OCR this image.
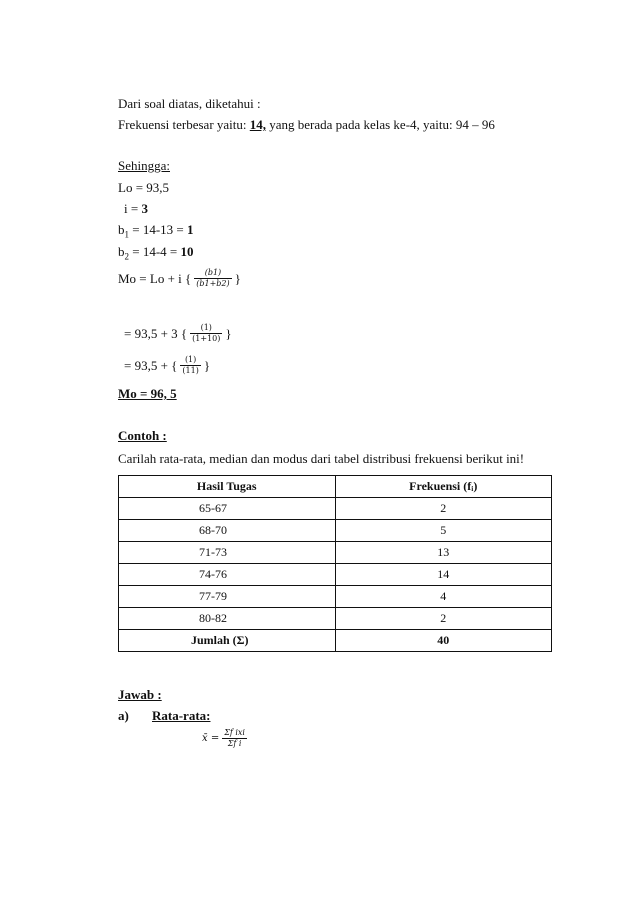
Dari soal diatas, diketahui :
Frekuensi terbesar yaitu: 14, yang berada pada kelas ke-4, yaitu: 94 – 96
Sehingga:
Lo = 93,5
i = 3
$b_1 = 14-13 = 1$
$b_2 = 14-4 = 10$
Mo = Lo + i { $\frac{(b1)}{(b1+b2)}$ }
= 93,5 + 3 { $\frac{(1)}{(1+10)}$ }
= 93,5 + { $\frac{(1)}{(11)}$ }
Mo = 96, 5
Contoh :
Carilah rata-rata, median dan modus dari tabel distribusi frekuensi berikut ini!
Hasil Tugas	Frekuensi (fᵢ)
65-67	2
68-70	5
71-73	13
74-76	14
77-79	4
80-82	2
Jumlah (Σ)	40
Jawab :
a) Rata-rata:
x̄ = $\frac{\text{Σf ixi}}{\text{Σf i}}$
